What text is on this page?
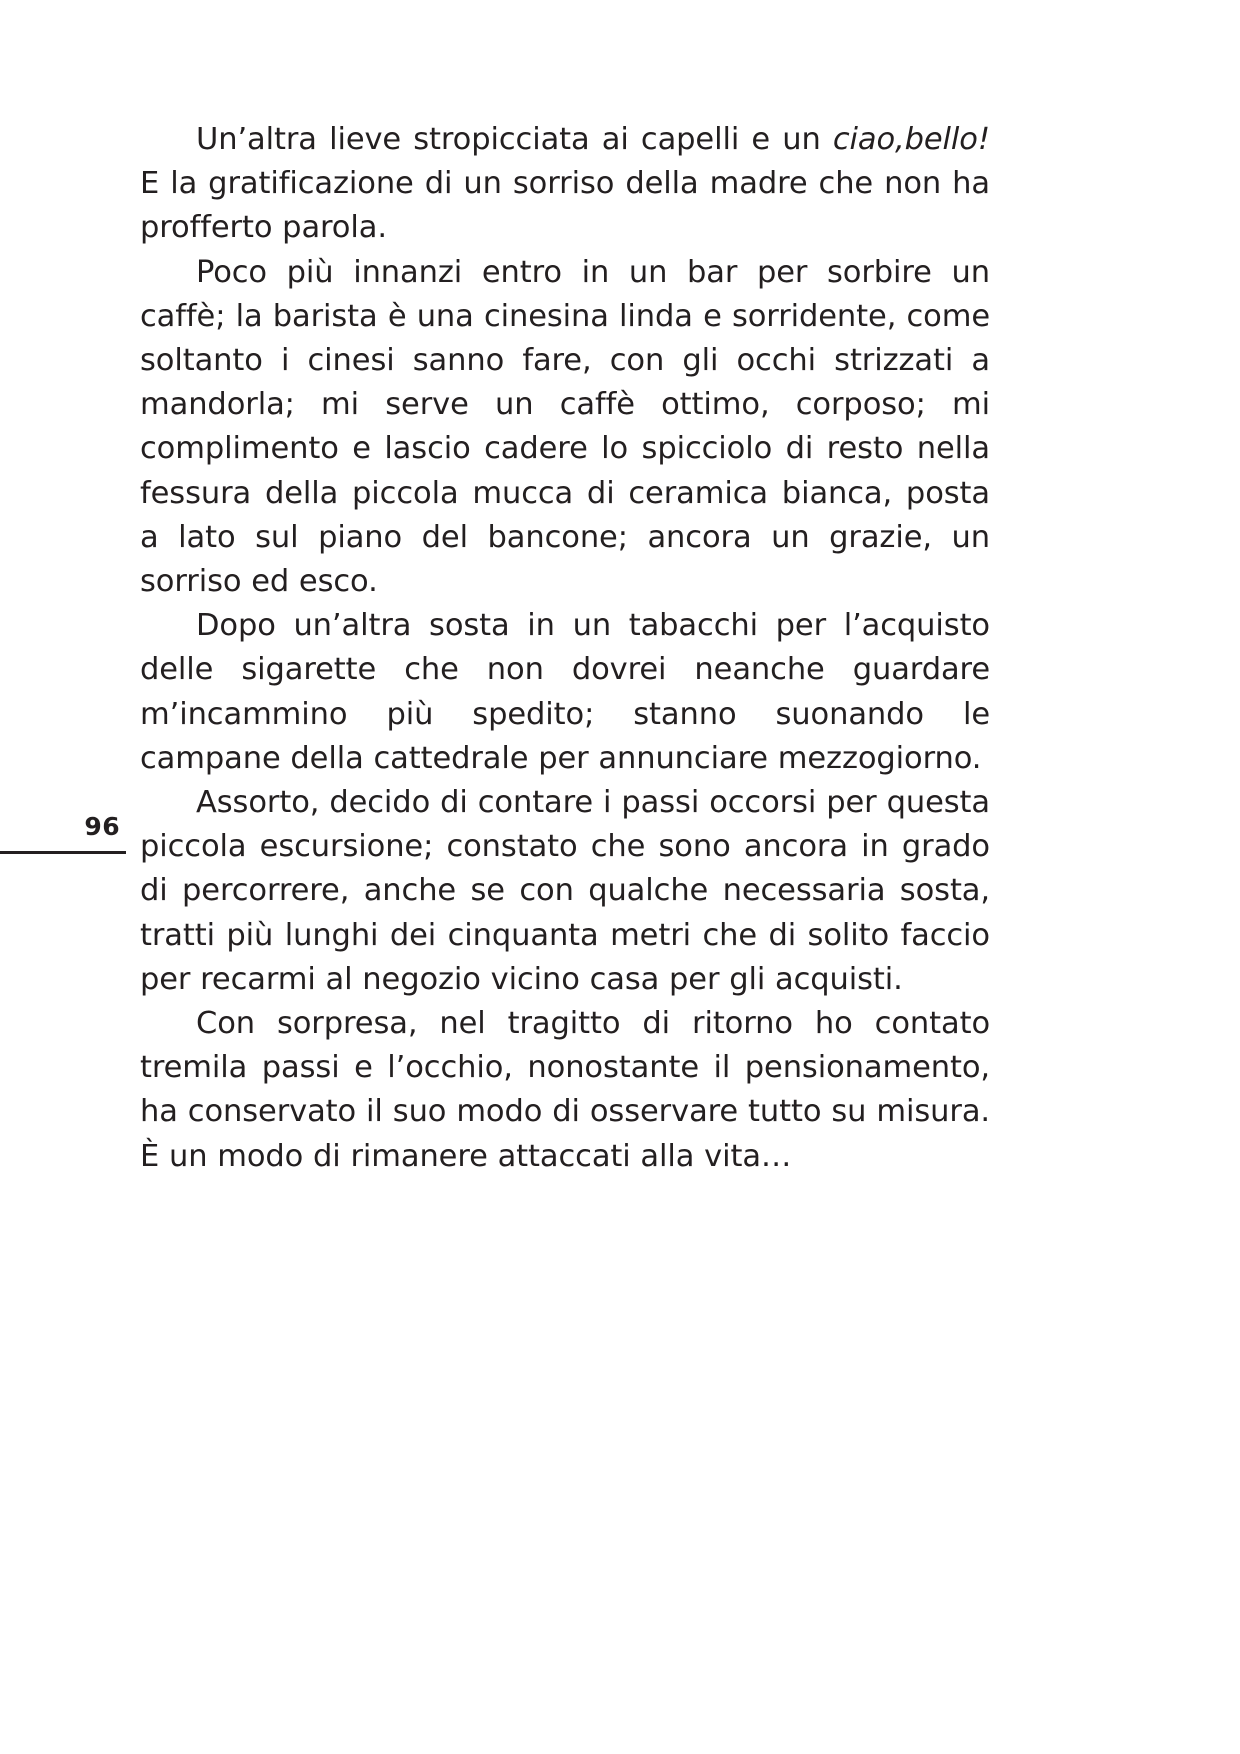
Un’altra lieve stropicciata ai capelli e un ciao,bello! E la gratificazione di un sorriso della madre che non ha profferto parola.

Poco più innanzi entro in un bar per sorbire un caffè; la barista è una cinesina linda e sorridente, come soltanto i cinesi sanno fare, con gli occhi strizzati a mandorla; mi serve un caffè ottimo, corposo; mi complimento e lascio cadere lo spicciolo di resto nella fessura della piccola mucca di ceramica bianca, posta a lato sul piano del bancone; ancora un grazie, un sorriso ed esco.

Dopo un’altra sosta in un tabacchi per l’acquisto delle sigarette che non dovrei neanche guardare m’incammino più spedito; stanno suonando le campane della cattedrale per annunciare mezzogiorno.

Assorto, decido di contare i passi occorsi per questa piccola escursione; constato che sono ancora in grado di percorrere, anche se con qualche necessaria sosta, tratti più lunghi dei cinquanta metri che di solito faccio per recarmi al negozio vicino casa per gli acquisti.

Con sorpresa, nel tragitto di ritorno ho contato tremila passi e l’occhio, nonostante il pensionamento, ha conservato il suo modo di osservare tutto su misura. È un modo di rimanere attaccati alla vita…

96
